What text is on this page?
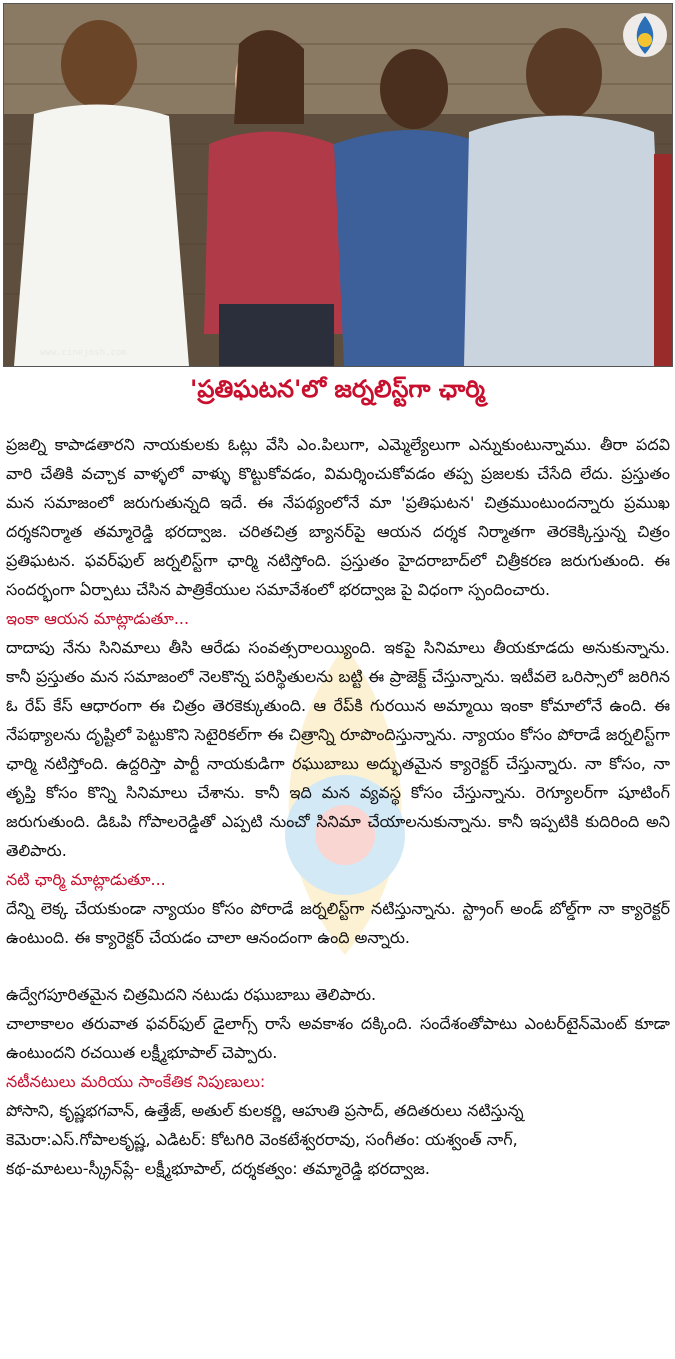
www.cinejosh.com
'ప్రతిఘటన'లో జర్నలిస్ట్‌గా ఛార్మి

ప్రజల్ని కాపాడతారని నాయకులకు ఓట్లు వేసి ఎం.పిలుగా, ఎమ్మెల్యేలుగా ఎన్నుకుంటున్నాము. తీరా పదవి వారి చేతికి వచ్చాక వాళ్ళలో వాళ్ళు కొట్టుకోవడం, విమర్శించుకోవడం తప్ప ప్రజలకు చేసేది లేదు. ప్రస్తుతం మన సమాజంలో జరుగుతున్నది ఇదే. ఈ నేపథ్యంలోనే మా 'ప్రతిఘటన' చిత్రముంటుందన్నారు ప్రముఖ దర్శకనిర్మాత తమ్మారెడ్డి భరద్వాజ. చరితచిత్ర బ్యానర్‌పై ఆయన దర్శక నిర్మాతగా తెరకెక్కిస్తున్న చిత్రం ప్రతిఘటన. ఫవర్‌ఫుల్ జర్నలిస్ట్‌గా ఛార్మి నటిస్తోంది. ప్రస్తుతం హైదరాబాద్‌లో చిత్రీకరణ జరుగుతుంది. ఈ సందర్భంగా ఏర్పాటు చేసిన పాత్రికేయుల సమావేశంలో భరద్వాజ పై విధంగా స్పందించారు.

ఇంకా ఆయన మాట్లాడుతూ...

దాదాపు నేను సినిమాలు తీసి ఆరేడు సంవత్సరాలయ్యింది. ఇకపై సినిమాలు తీయకూడదు అనుకున్నాను. కానీ ప్రస్తుతం మన సమాజంలో నెలకొన్న పరిస్థితులను బట్టి ఈ ప్రాజెక్ట్ చేస్తున్నాను. ఇటీవలె ఒరిస్సాలో జరిగిన ఓ రేప్ కేస్ ఆధారంగా ఈ చిత్రం తెరకెక్కుతుంది. ఆ రేప్‌కి గురయిన అమ్మాయి ఇంకా కోమాలోనే ఉంది. ఈ నేపథ్యాలను దృష్టిలో పెట్టుకొని సెటైరికల్‌గా ఈ చిత్రాన్ని రూపొందిస్తున్నాను. న్యాయం కోసం పోరాడే జర్నలిస్ట్‌గా ఛార్మి నటిస్తోంది. ఉద్దరిస్తా పార్టీ నాయకుడిగా రఘుబాబు అద్భుతమైన క్యారెక్టర్ చేస్తున్నారు. నా కోసం, నా తృప్తి కోసం కొన్ని సినిమాలు చేశాను. కానీ ఇది మన వ్యవస్థ కోసం చేస్తున్నాను. రెగ్యూలర్‌గా షూటింగ్ జరుగుతుంది. డిఓపి గోపాలరెడ్డితో ఎప్పటి నుంచో సినిమా చేయాలనుకున్నాను. కానీ ఇప్పటికి కుదిరింది అని తెలిపారు.

నటి ఛార్మి మాట్లాడుతూ...

దేన్ని లెక్క చేయకుండా న్యాయం కోసం పోరాడే జర్నలిస్ట్‌గా నటిస్తున్నాను. స్ట్రాంగ్ అండ్ బోల్డ్‌గా నా క్యారెక్టర్ ఉంటుంది. ఈ క్యారెక్టర్ చేయడం చాలా ఆనందంగా ఉంది అన్నారు.

ఉద్వేగపూరితమైన చిత్రమిదని నటుడు రఘుబాబు తెలిపారు.

చాలాకాలం తరువాత ఫవర్‌ఫుల్ డైలాగ్స్ రాసే అవకాశం దక్కింది. సందేశంతోపాటు ఎంటర్‌టైన్‌మెంట్ కూడా ఉంటుందని రచయిత లక్ష్మీభూపాల్ చెప్పారు.

నటీనటులు మరియు సాంకేతిక నిపుణులు:

పోసాని, కృష్ణభగవాన్, ఉత్తేజ్, అతుల్ కులకర్ణి, ఆహుతి ప్రసాద్, తదితరులు నటిస్తున్న

కెమెరా:ఎస్.గోపాలకృష్ణ, ఎడిటర్: కోటగిరి వెంకటేశ్వరరావు, సంగీతం: యశ్వంత్ నాగ్,

కథ-మాటలు-స్క్రీన్‌ప్లే- లక్ష్మీభూపాల్, దర్శకత్వం: తమ్మారెడ్డి భరద్వాజ.
